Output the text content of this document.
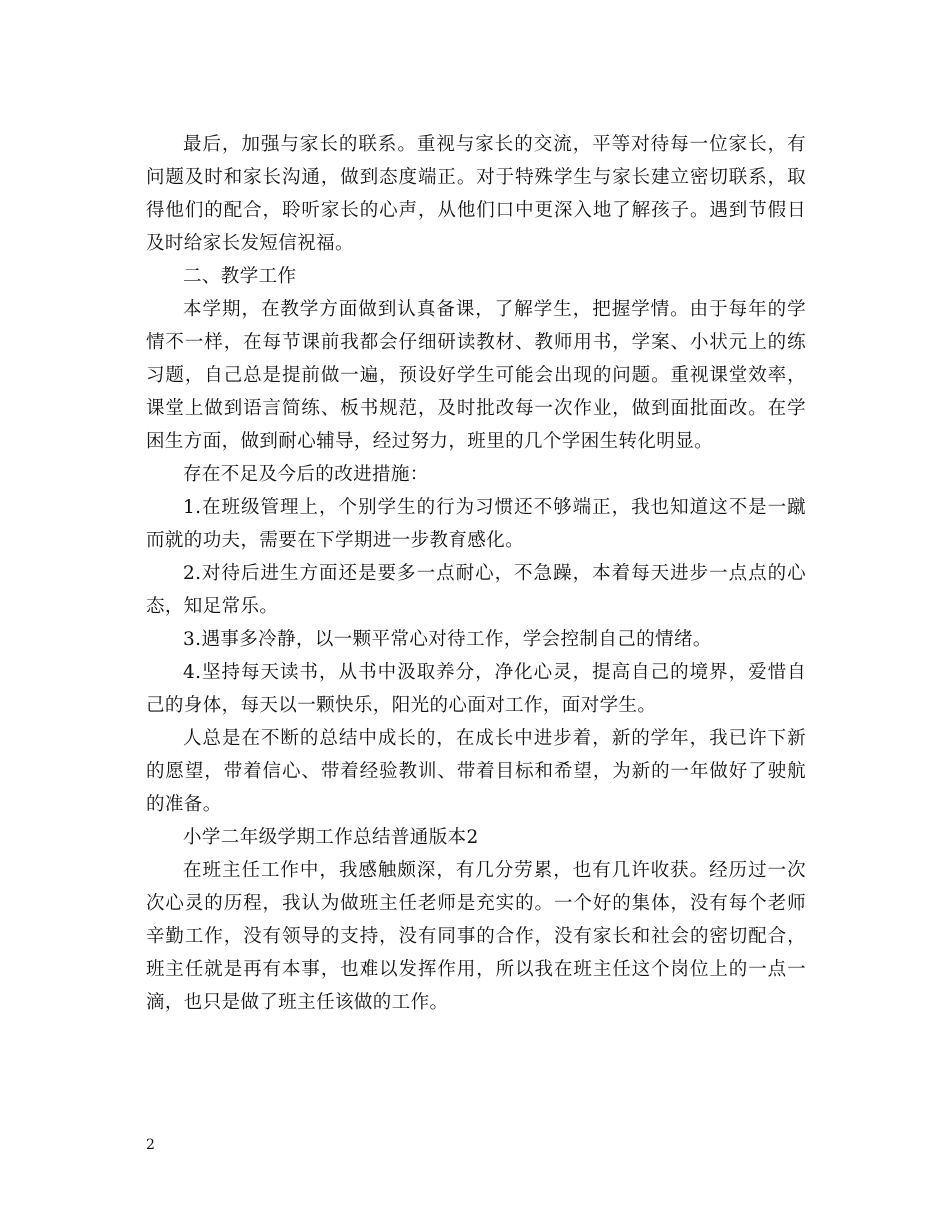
最后，加强与家长的联系。重视与家长的交流，平等对待每一位家长，有问题及时和家长沟通，做到态度端正。对于特殊学生与家长建立密切联系，取得他们的配合，聆听家长的心声，从他们口中更深入地了解孩子。遇到节假日及时给家长发短信祝福。

二、教学工作

本学期，在教学方面做到认真备课，了解学生，把握学情。由于每年的学情不一样，在每节课前我都会仔细研读教材、教师用书，学案、小状元上的练习题，自己总是提前做一遍，预设好学生可能会出现的问题。重视课堂效率，课堂上做到语言简练、板书规范，及时批改每一次作业，做到面批面改。在学困生方面，做到耐心辅导，经过努力，班里的几个学困生转化明显。

存在不足及今后的改进措施：

1.在班级管理上，个别学生的行为习惯还不够端正，我也知道这不是一蹴而就的功夫，需要在下学期进一步教育感化。

2.对待后进生方面还是要多一点耐心，不急躁，本着每天进步一点点的心态，知足常乐。

3.遇事多冷静，以一颗平常心对待工作，学会控制自己的情绪。

4.坚持每天读书，从书中汲取养分，净化心灵，提高自己的境界，爱惜自己的身体，每天以一颗快乐，阳光的心面对工作，面对学生。

人总是在不断的总结中成长的，在成长中进步着，新的学年，我已许下新的愿望，带着信心、带着经验教训、带着目标和希望，为新的一年做好了驶航的准备。

小学二年级学期工作总结普通版本2

在班主任工作中，我感触颇深，有几分劳累，也有几许收获。经历过一次次心灵的历程，我认为做班主任老师是充实的。一个好的集体，没有每个老师辛勤工作，没有领导的支持，没有同事的合作，没有家长和社会的密切配合，班主任就是再有本事，也难以发挥作用，所以我在班主任这个岗位上的一点一滴，也只是做了班主任该做的工作。

2
